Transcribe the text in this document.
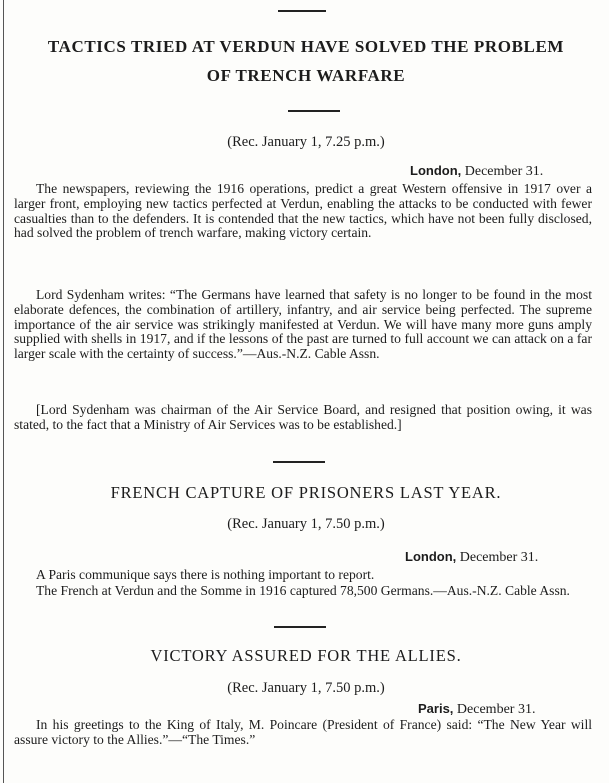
TACTICS TRIED AT VERDUN HAVE SOLVED THE PROBLEM
OF TRENCH WARFARE

(Rec. January 1, 7.25 p.m.)

London, December 31.

The newspapers, reviewing the 1916 operations, predict a great Western offensive in 1917 over a larger front, employing new tactics perfected at Verdun, enabling the attacks to be conducted with fewer casualties than to the defenders. It is contended that the new tactics, which have not been fully disclosed, had solved the problem of trench warfare, making victory certain.

Lord Sydenham writes: “The Germans have learned that safety is no longer to be found in the most elaborate defences, the combination of artillery, infantry, and air service being perfected. The supreme importance of the air service was strikingly manifested at Verdun. We will have many more guns amply supplied with shells in 1917, and if the lessons of the past are turned to full account we can attack on a far larger scale with the certainty of success.”—Aus.-N.Z. Cable Assn.

[Lord Sydenham was chairman of the Air Service Board, and resigned that position owing, it was stated, to the fact that a Ministry of Air Services was to be established.]

FRENCH CAPTURE OF PRISONERS LAST YEAR.

(Rec. January 1, 7.50 p.m.)

London, December 31.

A Paris communique says there is nothing important to report.

The French at Verdun and the Somme in 1916 captured 78,500 Germans.—Aus.-N.Z. Cable Assn.

VICTORY ASSURED FOR THE ALLIES.

(Rec. January 1, 7.50 p.m.)

Paris, December 31.

In his greetings to the King of Italy, M. Poincare (President of France) said: “The New Year will assure victory to the Allies.”—“The Times.”
